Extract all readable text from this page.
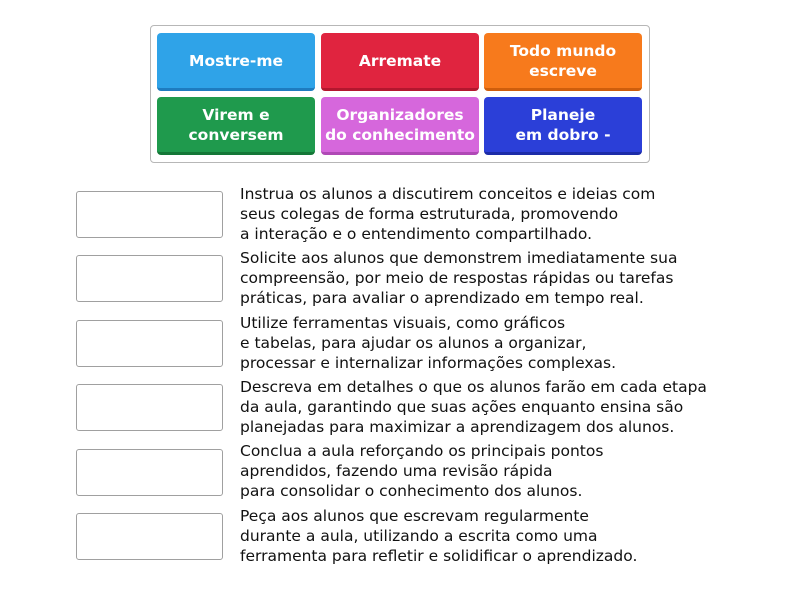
Mostre-me	Arremate
Todo mundo
escreve
Virem e
conversem
Organizadores
do conhecimento
Planeje
em dobro -
Instrua os alunos a discutirem conceitos e ideias com
seus colegas de forma estruturada, promovendo
a interação e o entendimento compartilhado.
Solicite aos alunos que demonstrem imediatamente sua
compreensão, por meio de respostas rápidas ou tarefas
práticas, para avaliar o aprendizado em tempo real.
Utilize ferramentas visuais, como gráficos
e tabelas, para ajudar os alunos a organizar,
processar e internalizar informações complexas.
Descreva em detalhes o que os alunos farão em cada etapa
da aula, garantindo que suas ações enquanto ensina são
planejadas para maximizar a aprendizagem dos alunos.
Conclua a aula reforçando os principais pontos
aprendidos, fazendo uma revisão rápida
para consolidar o conhecimento dos alunos.
Peça aos alunos que escrevam regularmente
durante a aula, utilizando a escrita como uma
ferramenta para refletir e solidificar o aprendizado.
